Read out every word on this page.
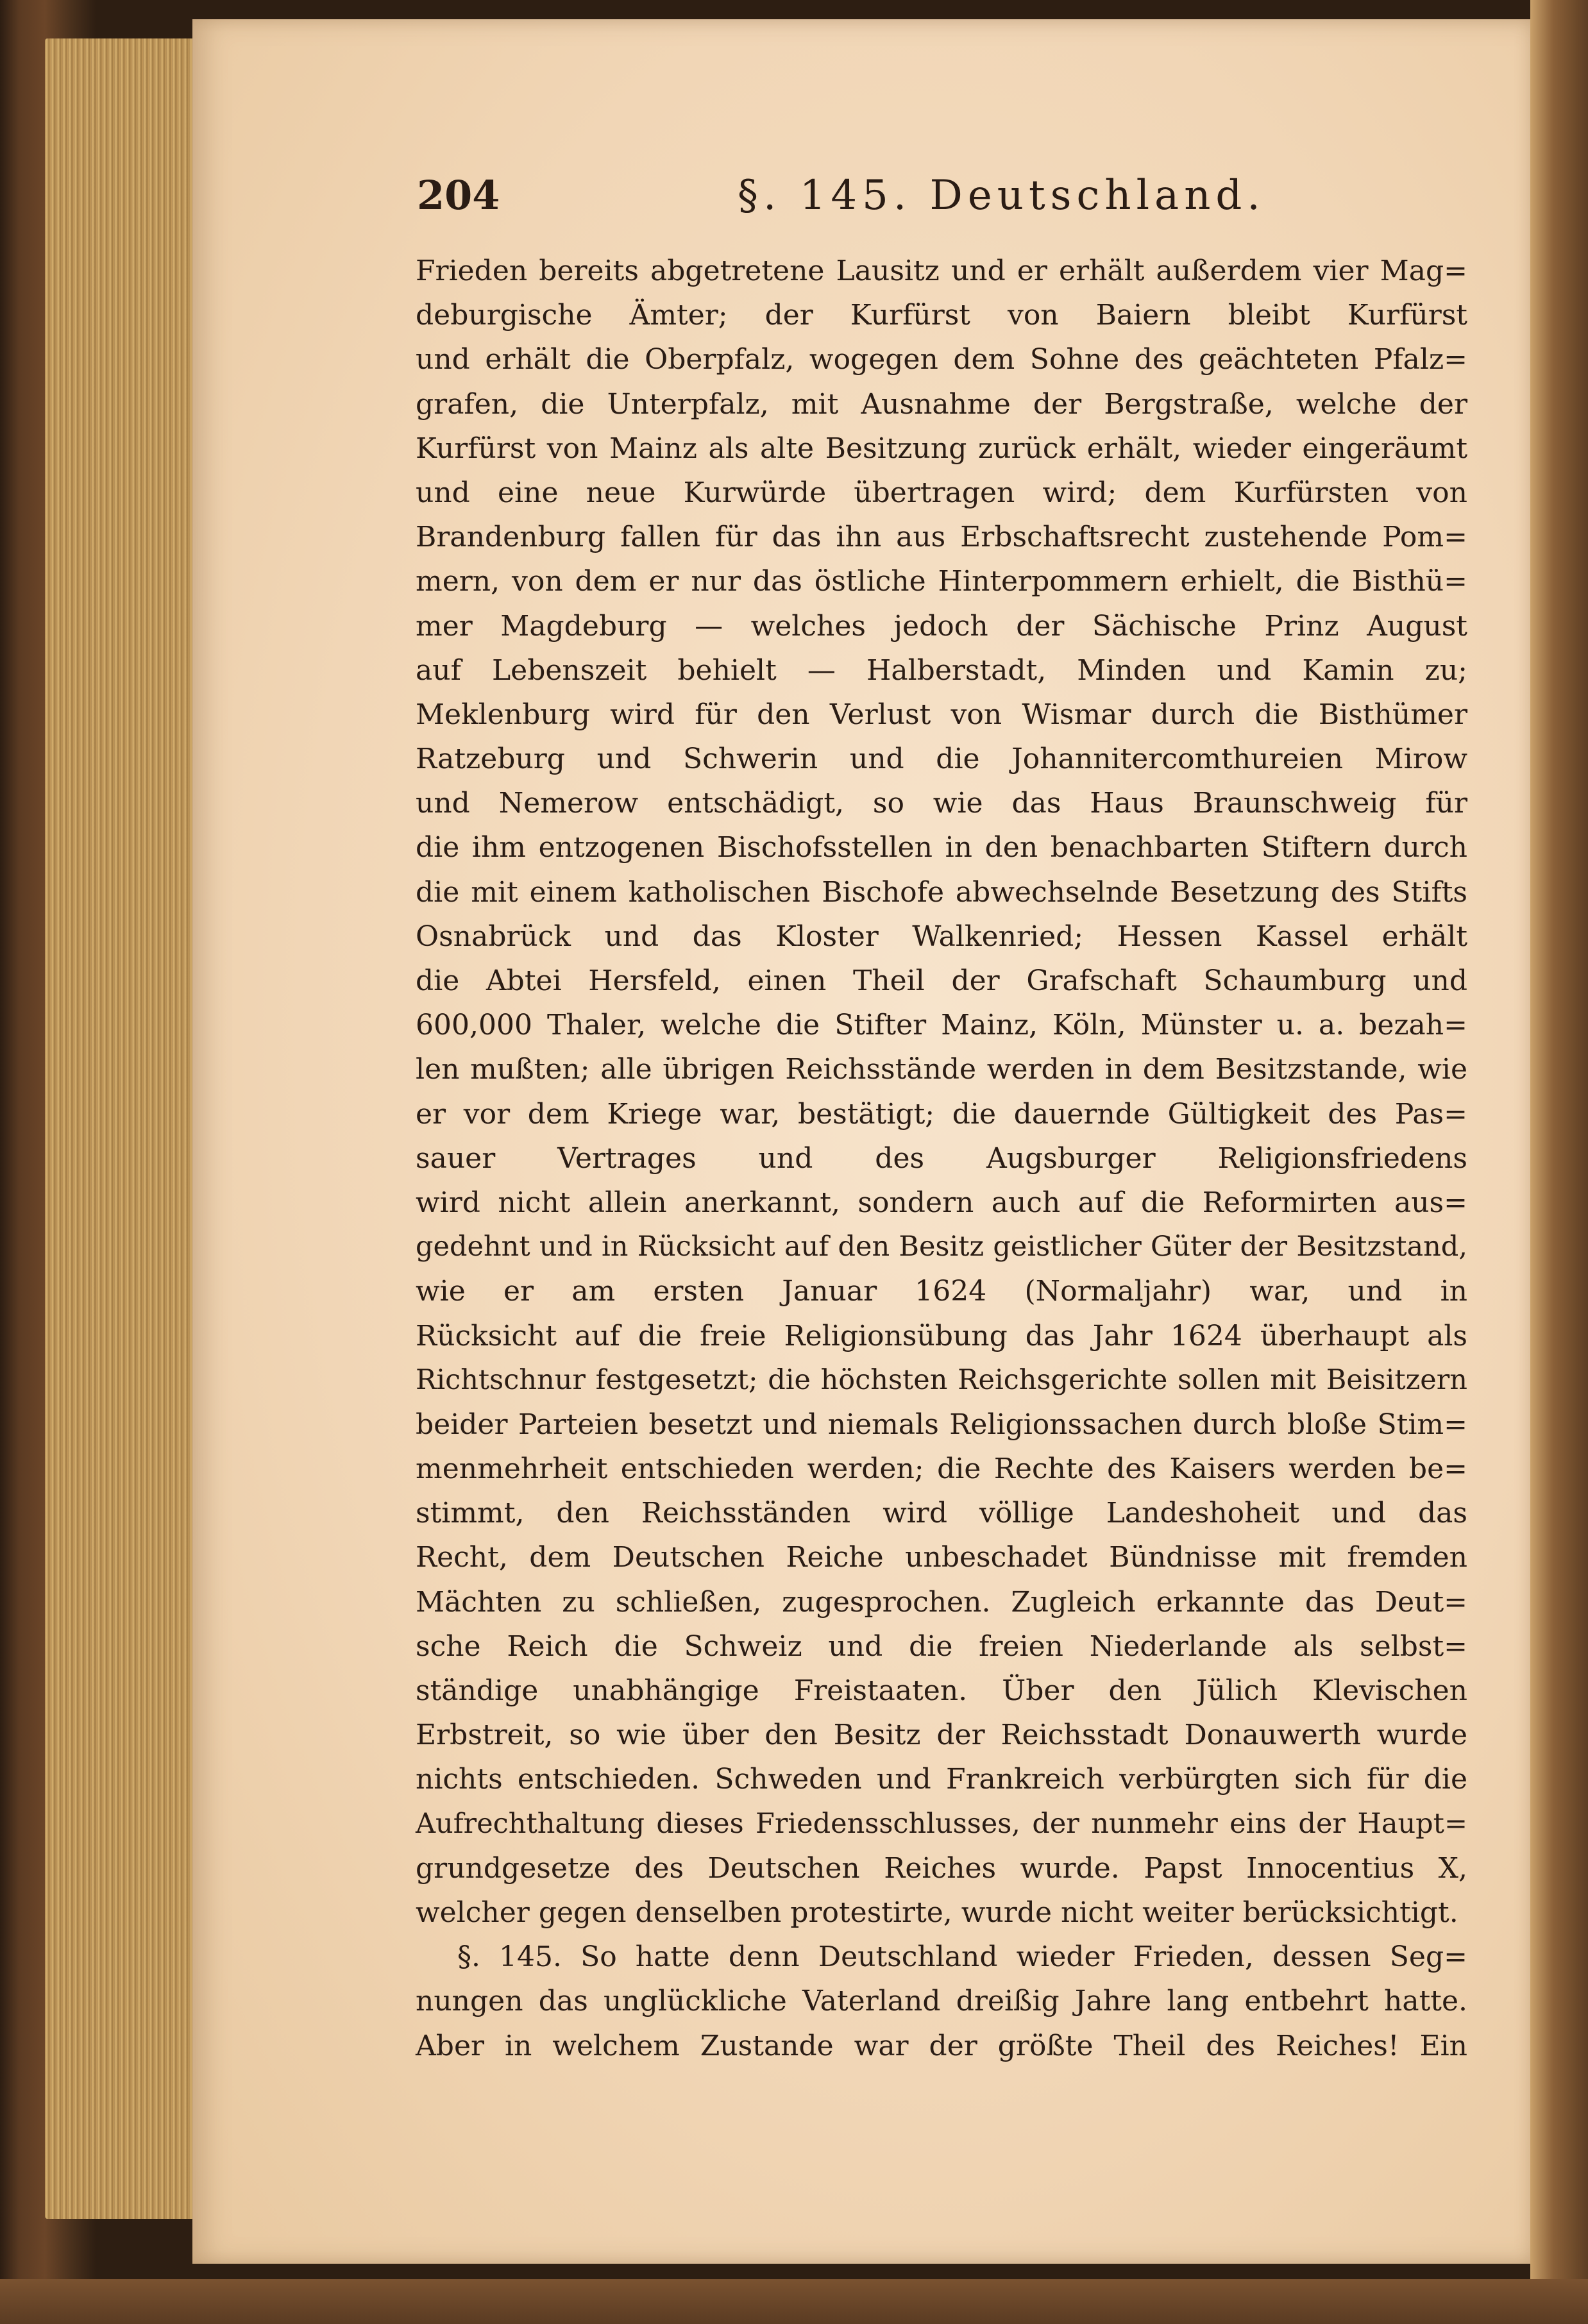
204	§. 145. Deutschland.
Frieden bereits abgetretene Lausitz und er erhält außerdem vier Mag=
deburgische Ämter; der Kurfürst von Baiern bleibt Kurfürst
und erhält die Oberpfalz, wogegen dem Sohne des geächteten Pfalz=
grafen, die Unterpfalz, mit Ausnahme der Bergstraße, welche der
Kurfürst von Mainz als alte Besitzung zurück erhält, wieder eingeräumt
und eine neue Kurwürde übertragen wird; dem Kurfürsten von
Brandenburg fallen für das ihn aus Erbschaftsrecht zustehende Pom=
mern, von dem er nur das östliche Hinterpommern erhielt, die Bisthü=
mer Magdeburg — welches jedoch der Sächische Prinz August
auf Lebenszeit behielt — Halberstadt, Minden und Kamin zu;
Meklenburg wird für den Verlust von Wismar durch die Bisthümer
Ratzeburg und Schwerin und die Johannitercomthureien Mirow
und Nemerow entschädigt, so wie das Haus Braunschweig für
die ihm entzogenen Bischofsstellen in den benachbarten Stiftern durch
die mit einem katholischen Bischofe abwechselnde Besetzung des Stifts
Osnabrück und das Kloster Walkenried; Hessen Kassel erhält
die Abtei Hersfeld, einen Theil der Grafschaft Schaumburg und
600,000 Thaler, welche die Stifter Mainz, Köln, Münster u. a. bezah=
len mußten; alle übrigen Reichsstände werden in dem Besitzstande, wie
er vor dem Kriege war, bestätigt; die dauernde Gültigkeit des Pas=
sauer Vertrages und des Augsburger Religionsfriedens
wird nicht allein anerkannt, sondern auch auf die Reformirten aus=
gedehnt und in Rücksicht auf den Besitz geistlicher Güter der Besitzstand,
wie er am ersten Januar 1624 (Normaljahr) war, und in
Rücksicht auf die freie Religionsübung das Jahr 1624 überhaupt als
Richtschnur festgesetzt; die höchsten Reichsgerichte sollen mit Beisitzern
beider Parteien besetzt und niemals Religionssachen durch bloße Stim=
menmehrheit entschieden werden; die Rechte des Kaisers werden be=
stimmt, den Reichsständen wird völlige Landeshoheit und das
Recht, dem Deutschen Reiche unbeschadet Bündnisse mit fremden
Mächten zu schließen, zugesprochen. Zugleich erkannte das Deut=
sche Reich die Schweiz und die freien Niederlande als selbst=
ständige unabhängige Freistaaten. Über den Jülich Klevischen
Erbstreit, so wie über den Besitz der Reichsstadt Donauwerth wurde
nichts entschieden. Schweden und Frankreich verbürgten sich für die
Aufrechthaltung dieses Friedensschlusses, der nunmehr eins der Haupt=
grundgesetze des Deutschen Reiches wurde. Papst Innocentius X,
welcher gegen denselben protestirte, wurde nicht weiter berücksichtigt.
§. 145. So hatte denn Deutschland wieder Frieden, dessen Seg=
nungen das unglückliche Vaterland dreißig Jahre lang entbehrt hatte.
Aber in welchem Zustande war der größte Theil des Reiches! Ein
